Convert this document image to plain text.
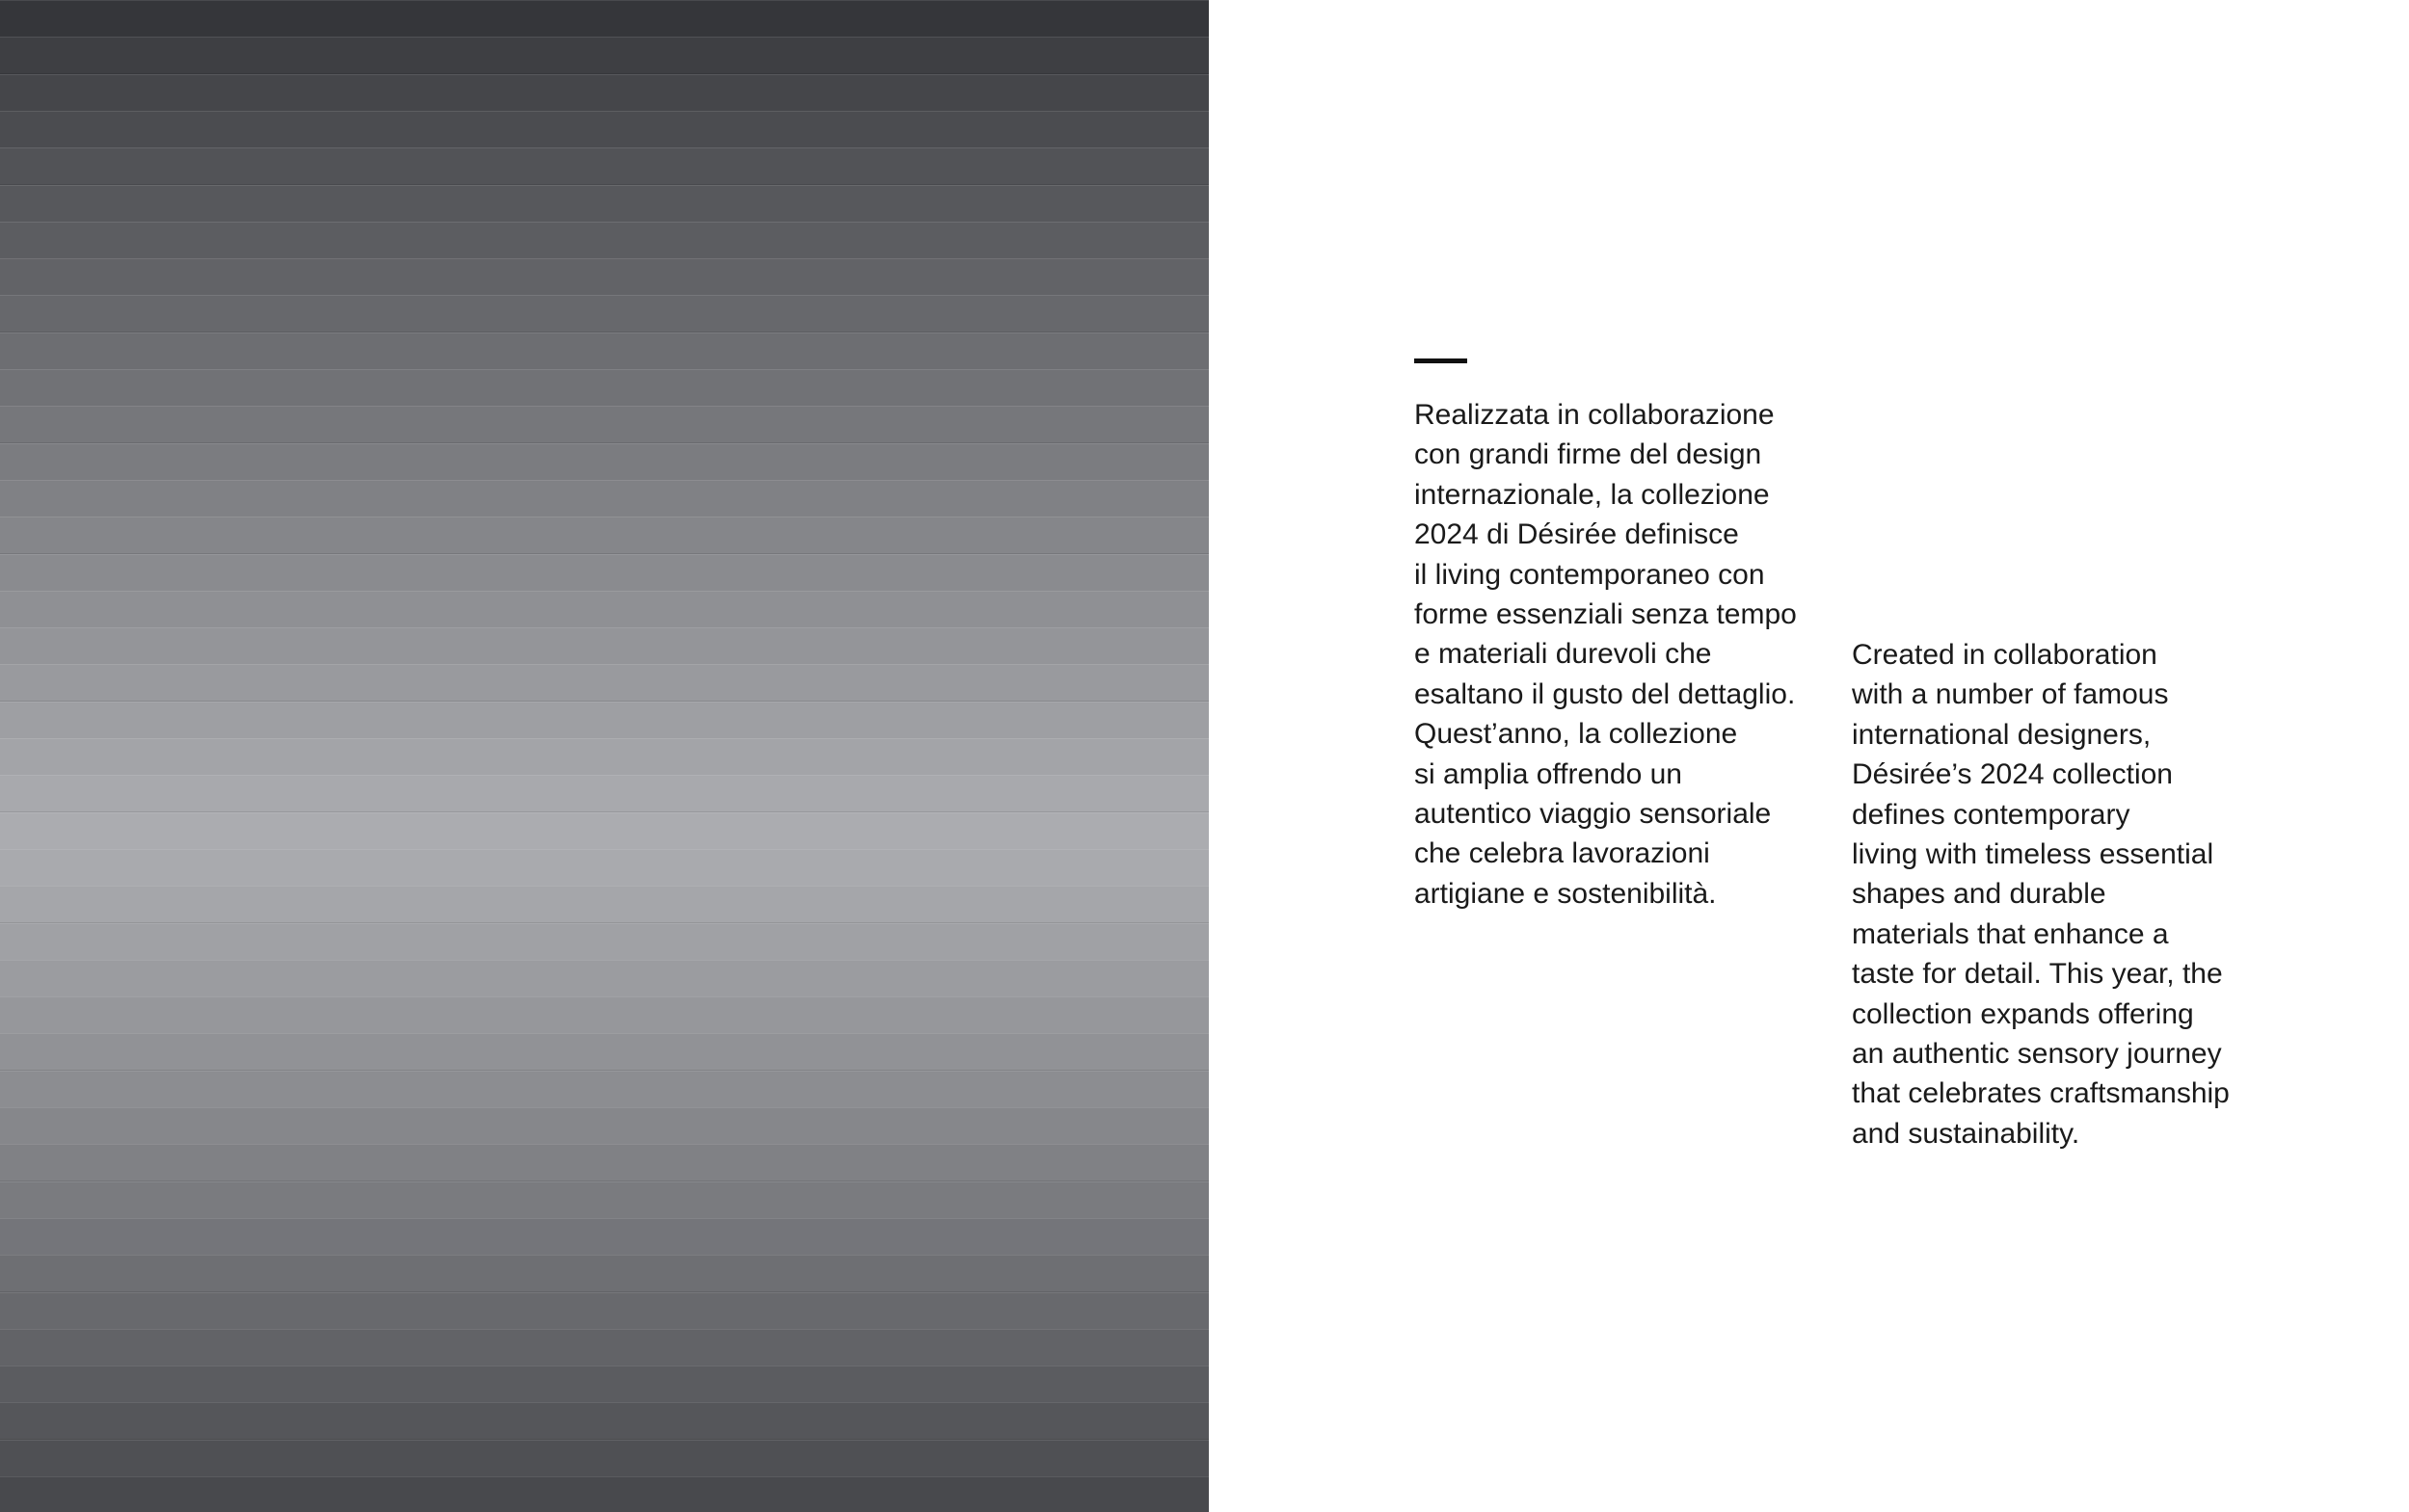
Realizzata in collaborazione
con grandi firme del design
internazionale, la collezione
2024 di Désirée definisce
il living contemporaneo con
forme essenziali senza tempo
e materiali durevoli che
esaltano il gusto del dettaglio.
Quest’anno, la collezione
si amplia offrendo un
autentico viaggio sensoriale
che celebra lavorazioni
artigiane e sostenibilità.

Created in collaboration
with a number of famous
international designers,
Désirée’s 2024 collection
defines contemporary
living with timeless essential
shapes and durable
materials that enhance a
taste for detail. This year, the
collection expands offering
an authentic sensory journey
that celebrates craftsmanship
and sustainability.
